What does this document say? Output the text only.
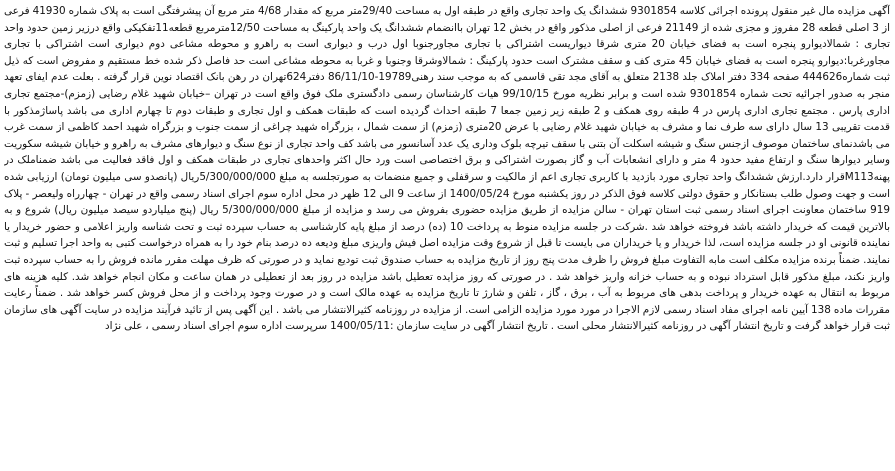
آگهی مزایده مال غیر منقول پرونده اجرائی کلاسه 9301854 ششدانگ یک واحد تجاری واقع در طبقه اول به مساحت 29/40متر مربع که مقدار 4/68 متر مربع آن پیشرفتگی است به پلاک شماره 41930 فرعی از 3 اصلی قطعه 28 مفروز و مجزی شده از 21149 فرعی از اصلی مذکور واقع در بخش 12 تهران باانضمام ششدانگ یک واحد پارکینگ به مساحت 12/50مترمربع قطعه11تفکیکی واقع درزیر زمین حدود واحد تجاری : شمالادیوارو پنجره است به فضای خیابان 20 متری شرقا دیواریست اشتراکی با تجاری مجاورجنوبا اول درب و دیواری است به راهرو و محوطه مشاعی دوم دیواری است اشتراکی با تجاری مجاورغربا:دیوارو پنجره است به فضای خیابان 45 متری کف و سقف مشترک است حدود پارکینگ : شمالاوشرقا وجنوبا و غربا به محوطه مشاعی است حد فاصل ذکر شده خط مستقیم و مفروض است که ذیل ثبت شماره444626 صفحه 334 دفتر املاک جلد 2138 متعلق به آقای مجد تقی قاسمی که به موجب سند رهنی19789-86/11/10 دفتر624تهران در رهن بانک اقتصاد نوین قرار گرفته . بعلت عدم ایفای تعهد منجر به صدور اجرائیه تحت شماره 9301854 شده است و برابر نظریه مورخ 99/10/15 هیات کارشناسان رسمی دادگستری ملک فوق واقع است در تهران –خیابان شهید غلام رضایی (زمزم)-مجتمع تجاری اداری پارس . مجتمع تجاری اداری پارس در 4 طبقه روی همکف و 2 طبقه زیر زمین جمعا 7 طبقه احداث گردیده است که طبقات همکف و اول تجاری و طبقات دوم تا چهارم اداری می باشد پاساژمذکور با قدمت تقریبی 13 سال دارای سه طرف نما و مشرف به خیابان شهید غلام رضایی با عرض 20متری (زمزم) از سمت شمال ، بزرگراه شهید چراغی از سمت جنوب و بزرگراه شهید احمد کاظمی از سمت غرب می باشدنمای ساختمان موصوف ازجنس سنگ و شیشه اسکلت آن بتنی با سقف تیرچه بلوک وداری یک عدد آسانسور می باشد کف واحد تجاری از نوع سنگ و دیوارهای مشرف به راهرو و خیابان شیشه سکوریت وسایر دیوارها سنگ و ارتفاع مفید حدود 4 متر و دارای انشعابات آب و گاز بصورت اشتراکی و برق اختصاصی است ورد حال اکثر واحدهای تجاری در طبقات همکف و اول فاقد فعالیت می باشد ضمناملک در پهنهM113قرار دارد.ارزش ششدانگ واحد تجاری مورد بازدید با کاربری تجاری اعم از مالکیت و سرقفلی و جمیع منضمات به صورتجلسه به مبلغ 5/300/000/000ریال (پانصدو سی میلیون تومان) ارزیابی شده است و جهت وصول طلب بستانکار و حقوق دولتی کلاسه فوق الذکر در روز یکشنبه مورخ 1400/05/24 از ساعت 9 الی 12 ظهر در محل اداره سوم اجرای اسناد رسمی واقع در تهران - چهارراه ولیعصر - پلاک 919 ساختمان معاونت اجرای اسناد رسمی ثبت استان تهران - سالن مزایده از طریق مزایده حضوری بفروش می رسد و مزایده از مبلغ 5/300/000/000 ریال (پنج میلیاردو سیصد میلیون ریال) شروع و به بالاترین قیمت که خریدار داشته باشد فروخته خواهد شد .شرکت در جلسه مزایده منوط به پرداخت 10 (ده) درصد از مبلغ پایه کارشناسی به حساب سپرده ثبت و تحت شناسه واریز اعلامی و حضور خریدار یا نماینده قانونی او در جلسه مزایده است، لذا خریدار و یا خریداران می بایست تا قبل از شروع وقت مزایده اصل فیش واریزی مبلغ ودیعه ده درصد بنام خود را به همراه درخواست کتبی به واحد اجرا تسلیم و ثبت نمایند. ضمناً برنده مزایده مکلف است مابه التفاوت مبلغ فروش را ظرف مدت پنج روز از تاریخ مزایده به حساب صندوق ثبت تودیع نماید و در صورتی که ظرف مهلت مقرر مانده فروش را به حساب سپرده ثبت واریز نکند، مبلغ مذکور قابل استرداد نبوده و به حساب خزانه واریز خواهد شد . در صورتی که روز مزایده تعطیل باشد مزایده در روز بعد از تعطیلی در همان ساعت و مکان انجام خواهد شد. کلیه هزینه های مربوط به انتقال به عهده خریدار و پرداخت بدهی های مربوط به آب ، برق ، گاز ، تلفن و شارژ تا تاریخ مزایده به عهده مالک است و در صورت وجود پرداخت و از محل فروش کسر خواهد شد . ضمناً رعایت مقررات ماده 138 آیین نامه اجرای مفاد اسناد رسمی لازم الاجرا در مورد مورد مزایده الزامی است. از مزایده در روزنامه کثیرالانتشار می باشد . این آگهی پس از تائید فرآیند مزایده در سایت آگهی های سازمان ثبت قرار خواهد گرفت و تاریخ انتشار آگهی در روزنامه کثیرالانتشار محلی است . تاریخ انتشار آگهی در سایت سازمان :1400/05/11 سرپرست اداره سوم اجرای اسناد رسمی ، علی نژاد
